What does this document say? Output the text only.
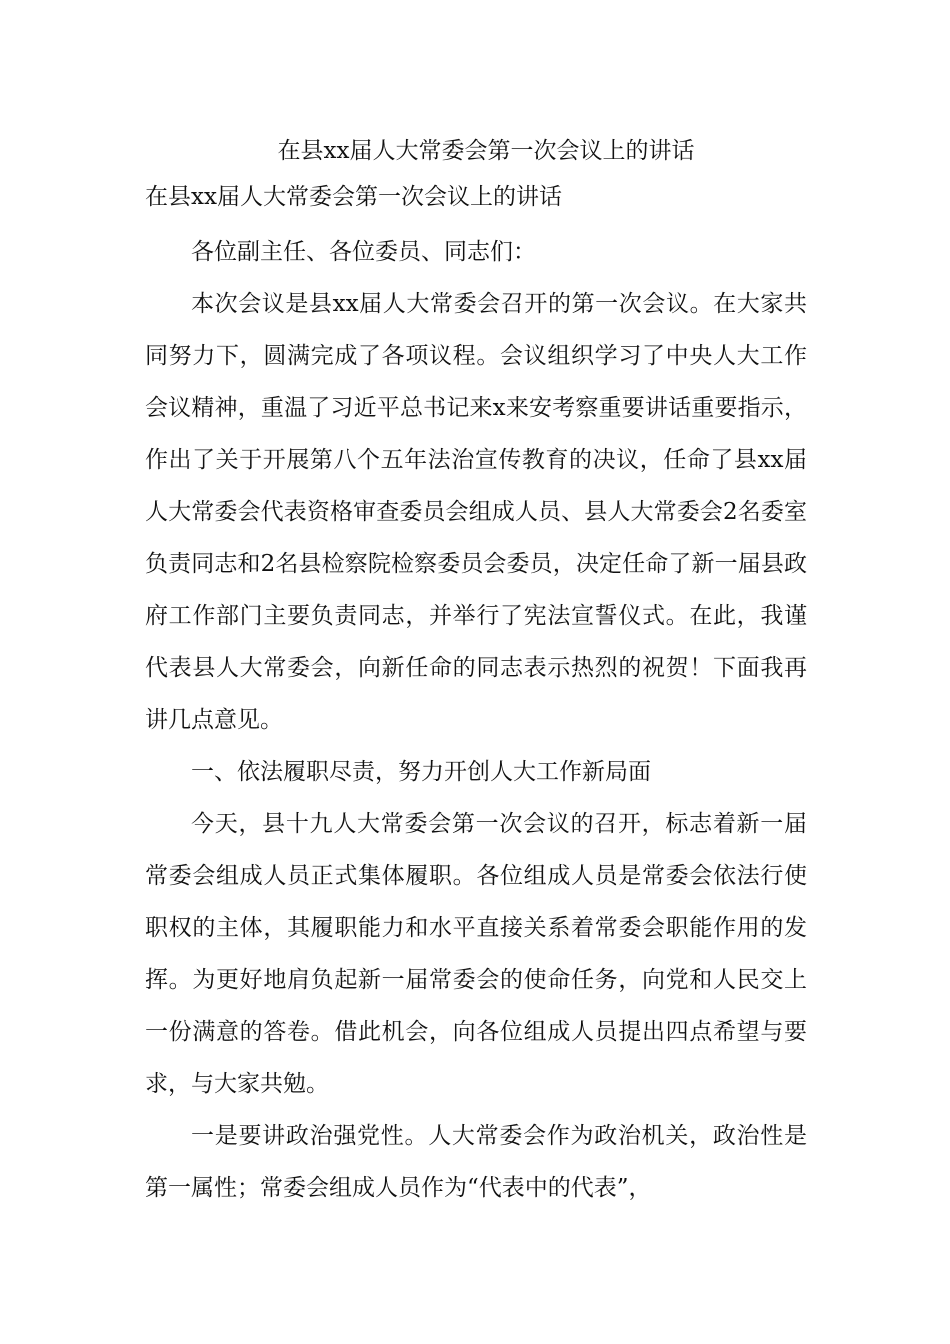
在县xx届人大常委会第一次会议上的讲话

在县xx届人大常委会第一次会议上的讲话

各位副主任、各位委员、同志们：

本次会议是县xx届人大常委会召开的第一次会议。在大家共同努力下，圆满完成了各项议程。会议组织学习了中央人大工作会议精神，重温了习近平总书记来x来安考察重要讲话重要指示，作出了关于开展第八个五年法治宣传教育的决议，任命了县xx届人大常委会代表资格审查委员会组成人员、县人大常委会2名委室负责同志和2名县检察院检察委员会委员，决定任命了新一届县政府工作部门主要负责同志，并举行了宪法宣誓仪式。在此，我谨代表县人大常委会，向新任命的同志表示热烈的祝贺！下面我再讲几点意见。

一、依法履职尽责，努力开创人大工作新局面

今天，县十九人大常委会第一次会议的召开，标志着新一届常委会组成人员正式集体履职。各位组成人员是常委会依法行使职权的主体，其履职能力和水平直接关系着常委会职能作用的发挥。为更好地肩负起新一届常委会的使命任务，向党和人民交上一份满意的答卷。借此机会，向各位组成人员提出四点希望与要求，与大家共勉。

一是要讲政治强党性。人大常委会作为政治机关，政治性是第一属性；常委会组成人员作为“代表中的代表”，
